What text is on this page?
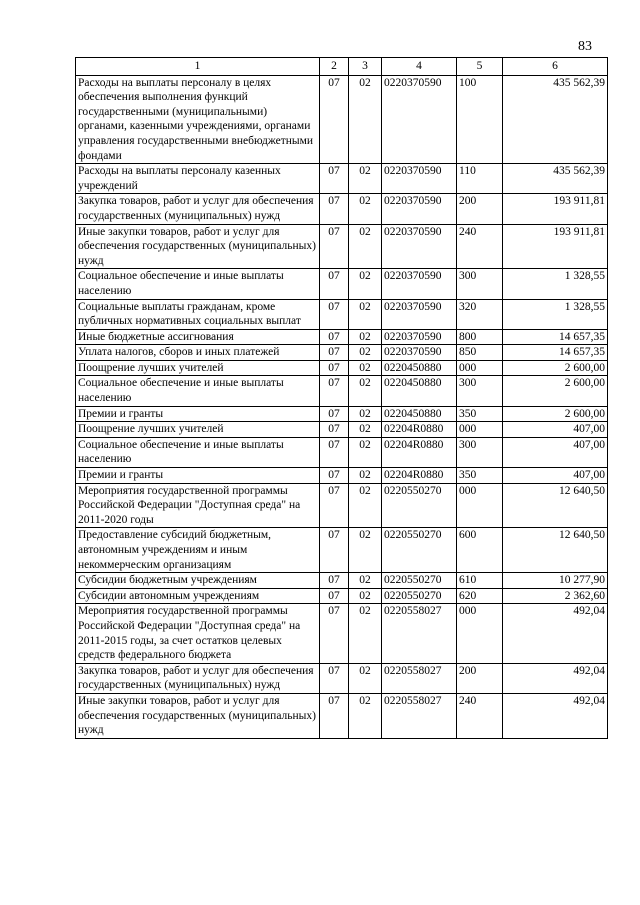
83
1	2	3	4	5	6
Расходы на выплаты персоналу в целях обеспечения выполнения функций государственными (муниципальными) органами, казенными учреждениями, органами управления государственными внебюджетными фондами	07	02	0220370590	100	435 562,39
Расходы на выплаты персоналу казенных учреждений	07	02	0220370590	110	435 562,39
Закупка товаров, работ и услуг для обеспечения государственных (муниципальных) нужд	07	02	0220370590	200	193 911,81
Иные закупки товаров, работ и услуг для обеспечения государственных (муниципальных) нужд	07	02	0220370590	240	193 911,81
Социальное обеспечение и иные выплаты населению	07	02	0220370590	300	1 328,55
Социальные выплаты гражданам, кроме публичных нормативных социальных выплат	07	02	0220370590	320	1 328,55
Иные бюджетные ассигнования	07	02	0220370590	800	14 657,35
Уплата налогов, сборов и иных платежей	07	02	0220370590	850	14 657,35
Поощрение лучших учителей	07	02	0220450880	000	2 600,00
Социальное обеспечение и иные выплаты населению	07	02	0220450880	300	2 600,00
Премии и гранты	07	02	0220450880	350	2 600,00
Поощрение лучших учителей	07	02	02204R0880	000	407,00
Социальное обеспечение и иные выплаты населению	07	02	02204R0880	300	407,00
Премии и гранты	07	02	02204R0880	350	407,00
Мероприятия государственной программы Российской Федерации "Доступная среда" на 2011-2020 годы	07	02	0220550270	000	12 640,50
Предоставление субсидий бюджетным, автономным учреждениям и иным некоммерческим организациям	07	02	0220550270	600	12 640,50
Субсидии бюджетным учреждениям	07	02	0220550270	610	10 277,90
Субсидии автономным учреждениям	07	02	0220550270	620	2 362,60
Мероприятия государственной программы Российской Федерации "Доступная среда" на 2011-2015 годы, за счет остатков целевых средств федерального бюджета	07	02	0220558027	000	492,04
Закупка товаров, работ и услуг для обеспечения государственных (муниципальных) нужд	07	02	0220558027	200	492,04
Иные закупки товаров, работ и услуг для обеспечения государственных (муниципальных) нужд	07	02	0220558027	240	492,04
